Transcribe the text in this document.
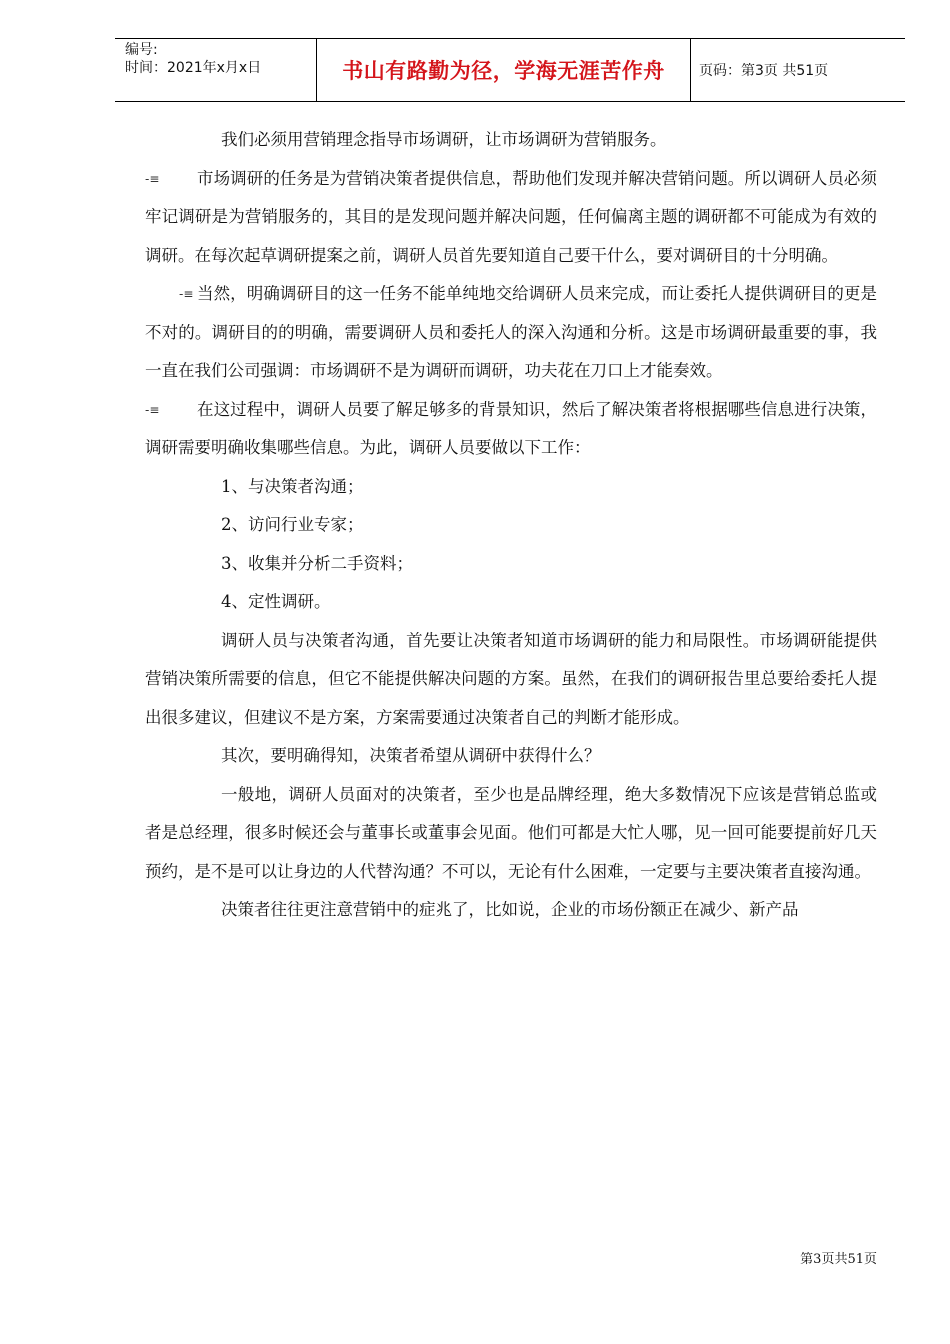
编号:
时间：2021年x月x日	书山有路勤为径，学海无涯苦作舟	页码：第3页 共51页

我们必须用营销理念指导市场调研，让市场调研为营销服务。

-≡	市场调研的任务是为营销决策者提供信息，帮助他们发现并解决营销问题。所以调研人员必须牢记调研是为营销服务的，其目的是发现问题并解决问题，任何偏离主题的调研都不可能成为有效的调研。在每次起草调研提案之前，调研人员首先要知道自己要干什么，要对调研目的十分明确。

-≡ 当然，明确调研目的这一任务不能单纯地交给调研人员来完成，而让委托人提供调研目的更是不对的。调研目的的明确，需要调研人员和委托人的深入沟通和分析。这是市场调研最重要的事，我一直在我们公司强调：市场调研不是为调研而调研，功夫花在刀口上才能奏效。

-≡	在这过程中，调研人员要了解足够多的背景知识，然后了解决策者将根据哪些信息进行决策，调研需要明确收集哪些信息。为此，调研人员要做以下工作：

1、与决策者沟通；

2、访问行业专家；

3、收集并分析二手资料；

4、定性调研。

调研人员与决策者沟通，首先要让决策者知道市场调研的能力和局限性。市场调研能提供营销决策所需要的信息，但它不能提供解决问题的方案。虽然，在我们的调研报告里总要给委托人提出很多建议，但建议不是方案，方案需要通过决策者自己的判断才能形成。

其次，要明确得知，决策者希望从调研中获得什么？

一般地，调研人员面对的决策者，至少也是品牌经理，绝大多数情况下应该是营销总监或者是总经理，很多时候还会与董事长或董事会见面。他们可都是大忙人哪，见一回可能要提前好几天预约，是不是可以让身边的人代替沟通？不可以，无论有什么困难，一定要与主要决策者直接沟通。

决策者往往更注意营销中的症兆了，比如说，企业的市场份额正在减少、新产品

第3页共51页
